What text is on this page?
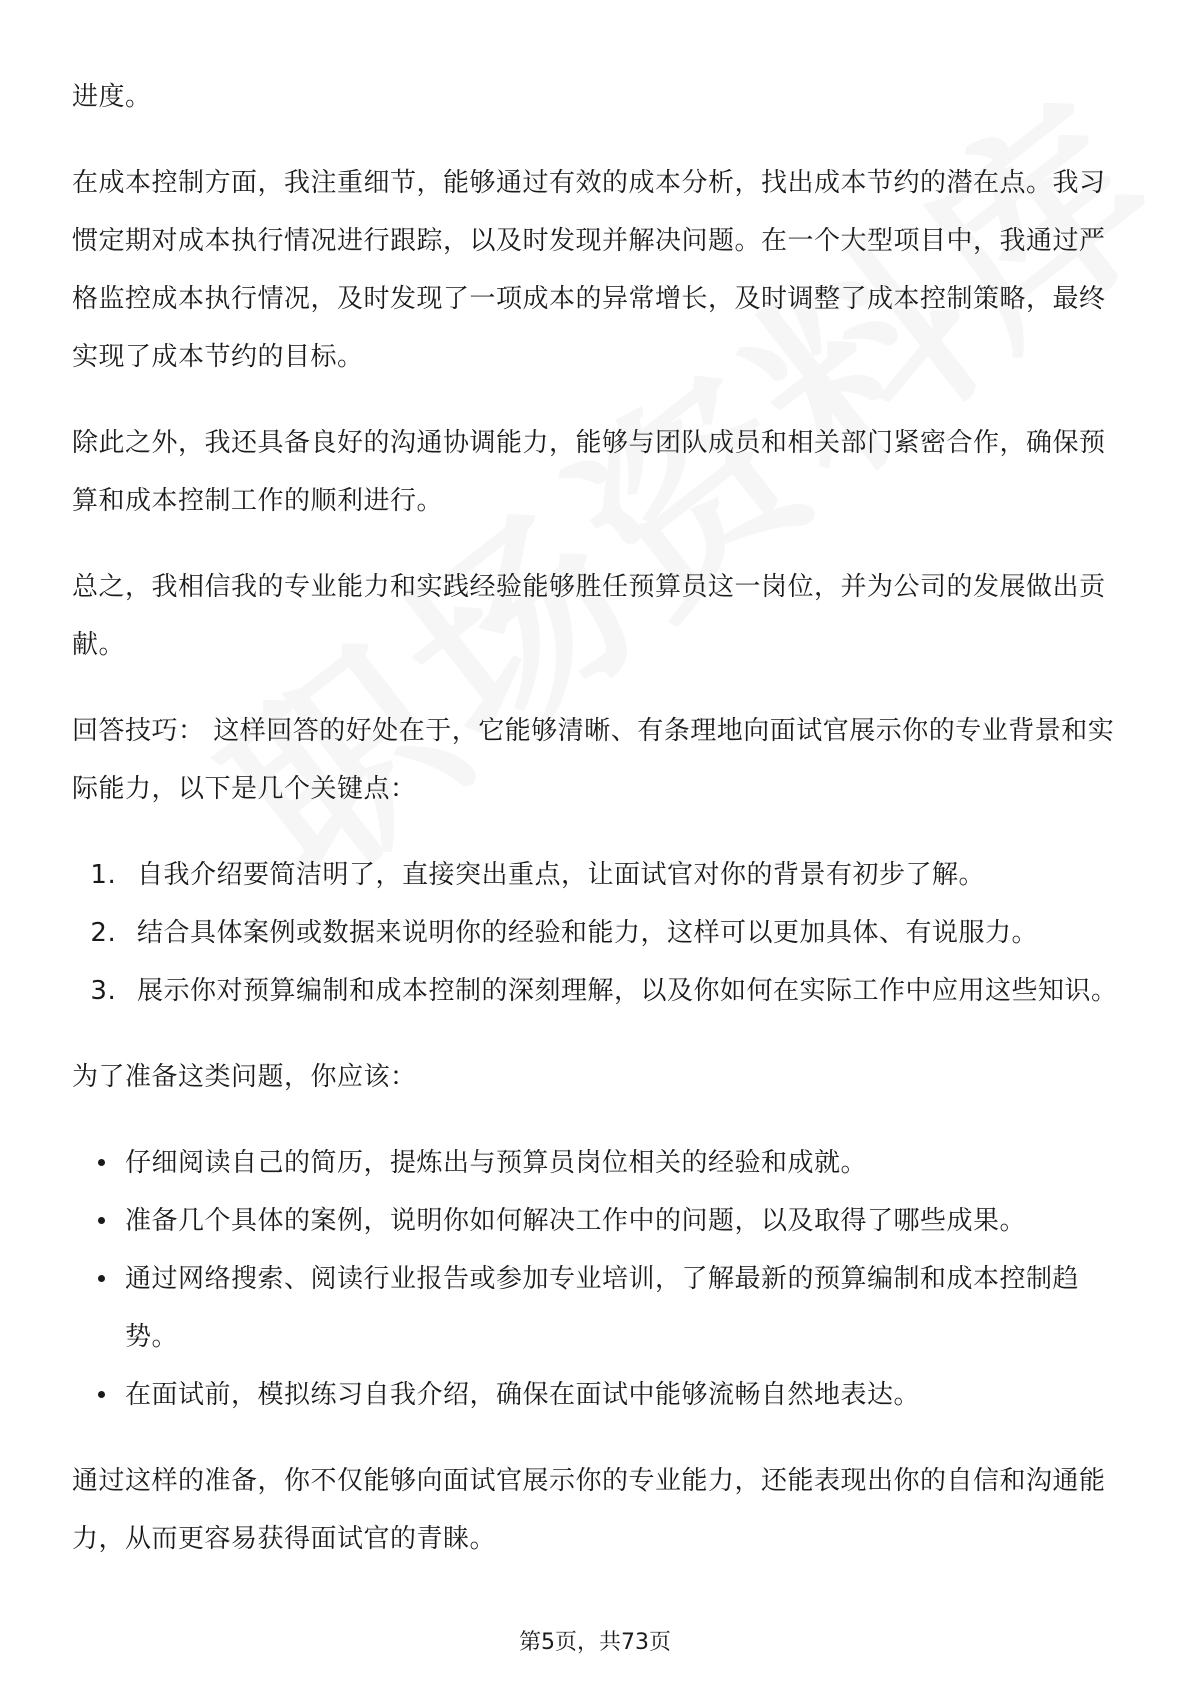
进度。

在成本控制方面，我注重细节，能够通过有效的成本分析，找出成本节约的潜在点。我习惯定期对成本执行情况进行跟踪，以及时发现并解决问题。在一个大型项目中，我通过严格监控成本执行情况，及时发现了一项成本的异常增长，及时调整了成本控制策略，最终实现了成本节约的目标。

除此之外，我还具备良好的沟通协调能力，能够与团队成员和相关部门紧密合作，确保预算和成本控制工作的顺利进行。

总之，我相信我的专业能力和实践经验能够胜任预算员这一岗位，并为公司的发展做出贡献。

回答技巧： 这样回答的好处在于，它能够清晰、有条理地向面试官展示你的专业背景和实际能力，以下是几个关键点：

1. 自我介绍要简洁明了，直接突出重点，让面试官对你的背景有初步了解。
2. 结合具体案例或数据来说明你的经验和能力，这样可以更加具体、有说服力。
3. 展示你对预算编制和成本控制的深刻理解，以及你如何在实际工作中应用这些知识。

为了准备这类问题，你应该：

仔细阅读自己的简历，提炼出与预算员岗位相关的经验和成就。
准备几个具体的案例，说明你如何解决工作中的问题，以及取得了哪些成果。
通过网络搜索、阅读行业报告或参加专业培训，了解最新的预算编制和成本控制趋势。
在面试前，模拟练习自我介绍，确保在面试中能够流畅自然地表达。

通过这样的准备，你不仅能够向面试官展示你的专业能力，还能表现出你的自信和沟通能力，从而更容易获得面试官的青睐。

第5页，共73页
